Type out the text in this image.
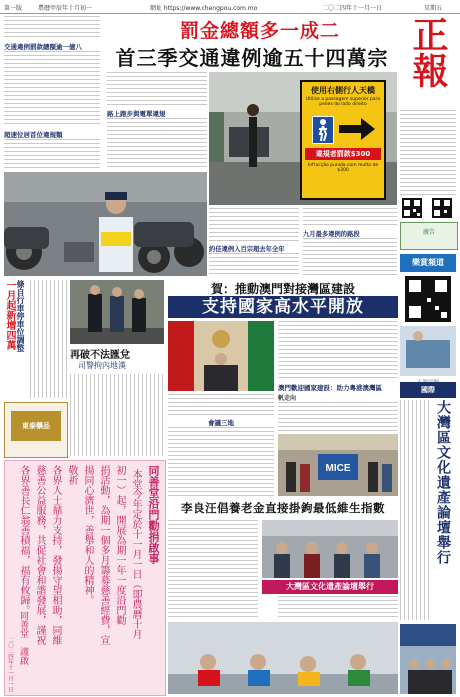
第一版	農曆甲辰年十月初一	網址 https://www.chengpou.com.mo	二〇二四年十一月一日	星期五
罰金總額多一成二
首三季交通違例逾五十四萬宗
交通違例罰款總額逾一億八
超速位居首位違規類
路上跑步與電單違規
使用右側行人天橋
Utilize a passagem superior para peões do lado direito
違規者罰款$300
Infracção punida com multa de $300
約佳違例入百宗超去年全年
九月最多違例的路段
正報
廣告
樂賞頻道
一月起新增四萬 條自行車停車位調整
再破不法匯兌
司警拘內地漢
東泰藥品
賀：推動澳門對接灣區建設
支持國家高水平開放
會議三地
澳門歡迎國家建設：助力粵港澳灣區
帆走向
MICE
國際
大灣區文化遺產論壇舉行
李良汪倡養老金直接掛鉤最低維生指數
大灣區文化遺產論壇舉行
同善堂沿門勸捐啟事
本堂今年定於十一月一日（即農曆十月
初一）起，開展為期一年一度沿門勸
捐活動，為期一個多月籌募慈善經費，宣
揚同心濟世，善舉和人的精神。
敬祈
各界人士鼎力支持，發揚守望相助，同維
慈善公益服務，共促社會和諧發展，謹祝
各界善長仁翁善積福，福有攸歸。
同善堂　謹啟
二〇二四年十一月一日
